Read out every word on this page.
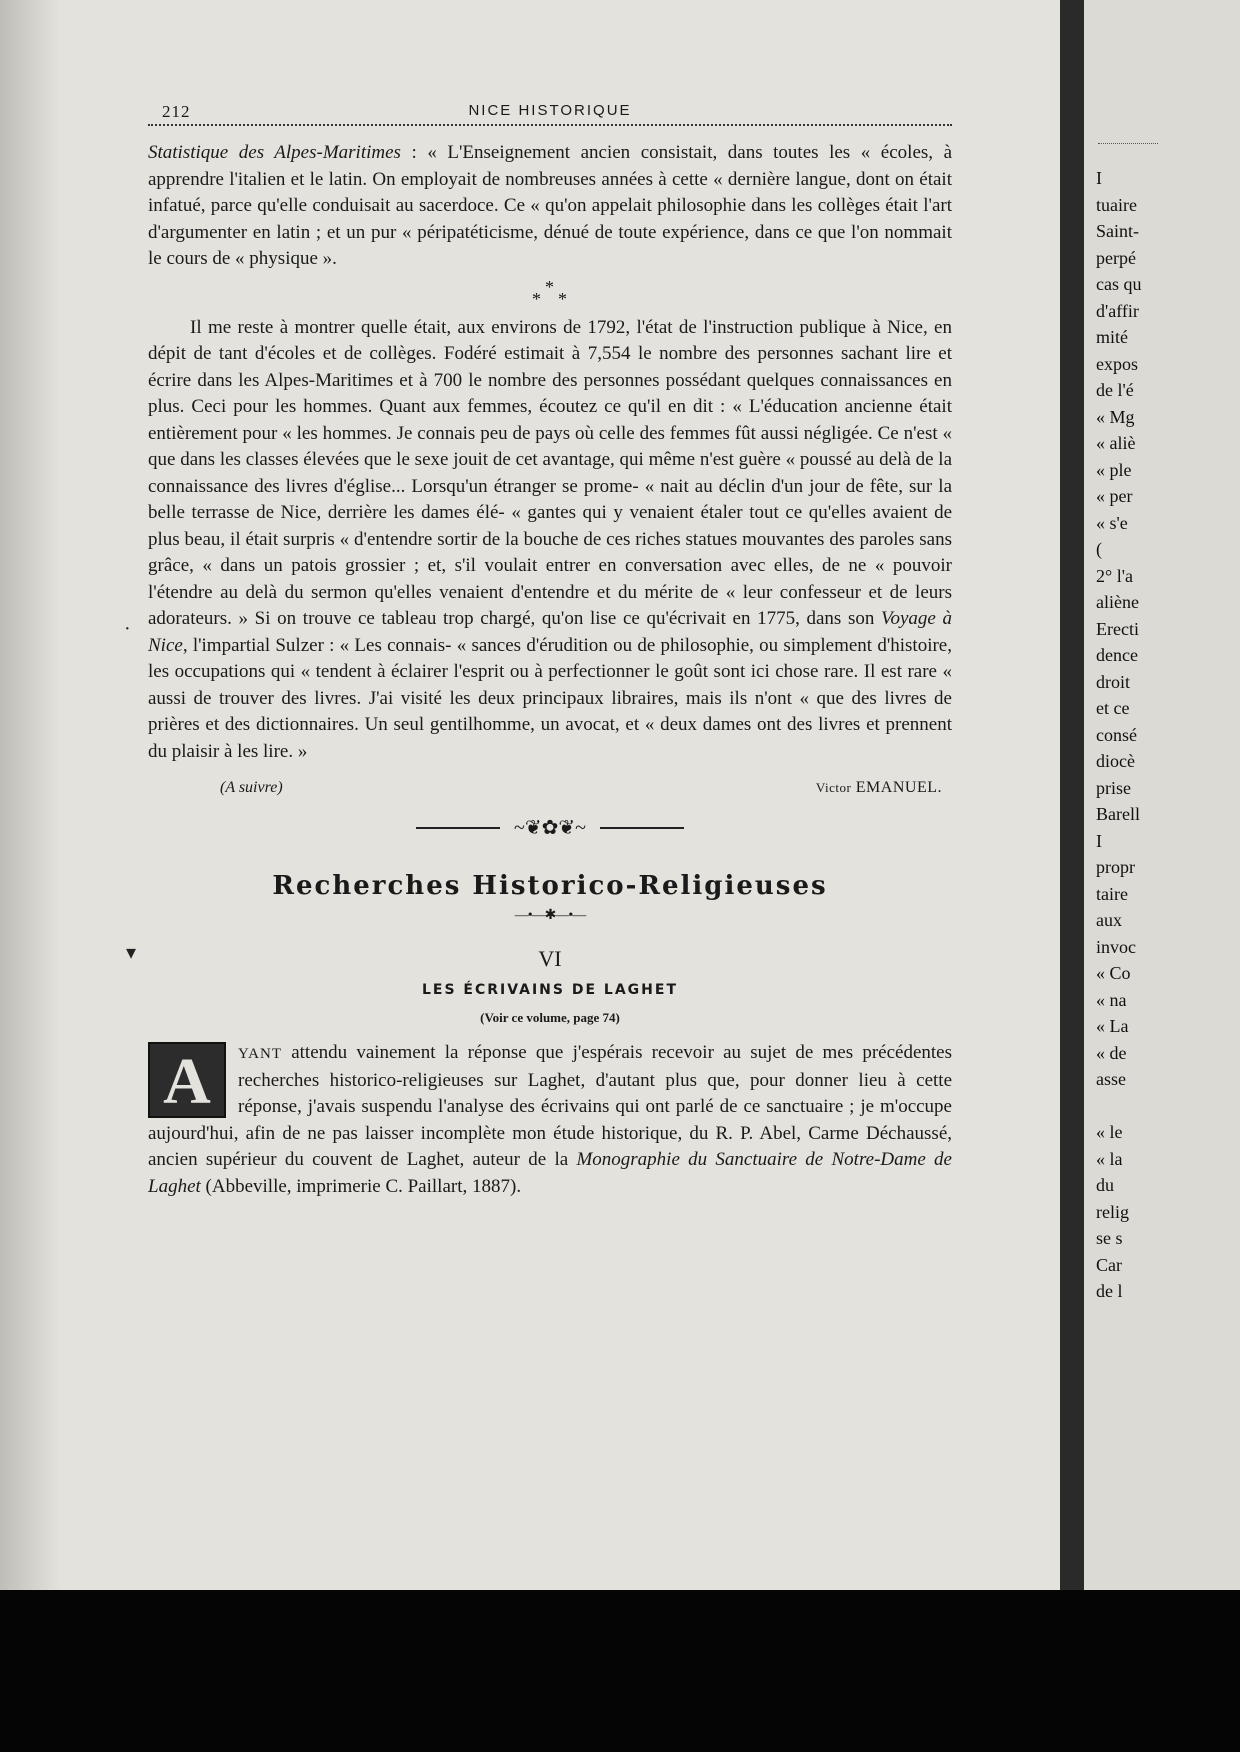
212	NICE HISTORIQUE

Statistique des Alpes-Maritimes : « L'Enseignement ancien consistait, dans toutes les « écoles, à apprendre l'italien et le latin. On employait de nombreuses années à cette « dernière langue, dont on était infatué, parce qu'elle conduisait au sacerdoce. Ce « qu'on appelait philosophie dans les collèges était l'art d'argumenter en latin ; et un pur « péripatéticisme, dénué de toute expérience, dans ce que l'on nommait le cours de « physique ».

*
* *

Il me reste à montrer quelle était, aux environs de 1792, l'état de l'instruction publique à Nice, en dépit de tant d'écoles et de collèges. Fodéré estimait à 7,554 le nombre des personnes sachant lire et écrire dans les Alpes-Maritimes et à 700 le nombre des personnes possédant quelques connaissances en plus. Ceci pour les hommes. Quant aux femmes, écoutez ce qu'il en dit : « L'éducation ancienne était entièrement pour « les hommes. Je connais peu de pays où celle des femmes fût aussi négligée. Ce n'est « que dans les classes élevées que le sexe jouit de cet avantage, qui même n'est guère « poussé au delà de la connaissance des livres d'église... Lorsqu'un étranger se prome- « nait au déclin d'un jour de fête, sur la belle terrasse de Nice, derrière les dames élé- « gantes qui y venaient étaler tout ce qu'elles avaient de plus beau, il était surpris « d'entendre sortir de la bouche de ces riches statues mouvantes des paroles sans grâce, « dans un patois grossier ; et, s'il voulait entrer en conversation avec elles, de ne « pouvoir l'étendre au delà du sermon qu'elles venaient d'entendre et du mérite de « leur confesseur et de leurs adorateurs. » Si on trouve ce tableau trop chargé, qu'on lise ce qu'écrivait en 1775, dans son Voyage à Nice, l'impartial Sulzer : « Les connais- « sances d'érudition ou de philosophie, ou simplement d'histoire, les occupations qui « tendent à éclairer l'esprit ou à perfectionner le goût sont ici chose rare. Il est rare « aussi de trouver des livres. J'ai visité les deux principaux libraires, mais ils n'ont « que des livres de prières et des dictionnaires. Un seul gentilhomme, un avocat, et « deux dames ont des livres et prennent du plaisir à les lire. »

(A suivre)	Victor EMANUEL.
~❦✿❦~
Recherches Historico-Religieuses
—•—✱—•—
VI
LES ÉCRIVAINS DE LAGHET
(Voir ce volume, page 74)
A	YANT attendu vainement la réponse que j'espérais recevoir au sujet de mes précédentes recherches historico-religieuses sur Laghet, d'autant plus que, pour donner lieu à cette réponse, j'avais suspendu l'analyse des écrivains qui ont parlé de ce sanctuaire ; je m'occupe aujourd'hui, afin de ne pas laisser incomplète mon étude historique, du R. P. Abel, Carme Déchaussé, ancien supérieur du couvent de Laghet, auteur de la Monographie du Sanctuaire de Notre-Dame de Laghet (Abbeville, imprimerie C. Paillart, 1887).

·
▾
I
tuaire
Saint-
perpé
cas qu
d'affir
mité
expos
de l'é
« Mg
« aliè
« ple
« per
« s'e
(
2° l'a
aliène
Erecti
dence
droit
et ce
consé
diocè
prise
Barell
I
propr
taire
aux
invoc
« Co
« na
« La
« de
asse
« le
« la
du
relig
se s
Car
de l
